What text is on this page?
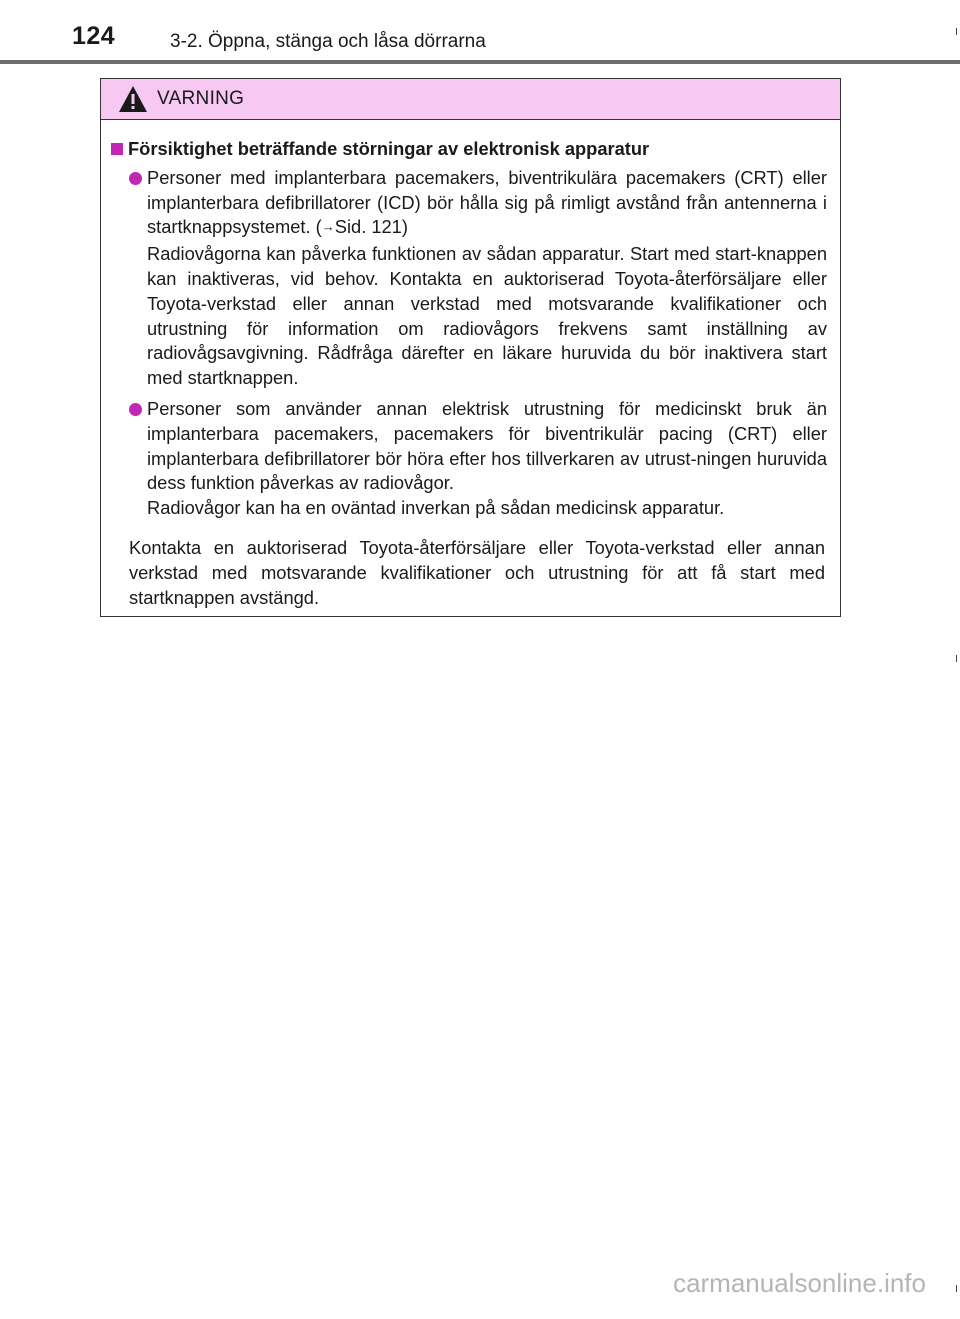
124	3-2. Öppna, stänga och låsa dörrarna
VARNING
Försiktighet beträffande störningar av elektronisk apparatur

Personer med implanterbara pacemakers, biventrikulära pacemakers (CRT) eller implanterbara defibrillatorer (ICD) bör hålla sig på rimligt avstånd från antennerna i startknappsystemet. (→Sid. 121)

Radiovågorna kan påverka funktionen av sådan apparatur. Start med start-knappen kan inaktiveras, vid behov. Kontakta en auktoriserad Toyota-återförsäljare eller Toyota-verkstad eller annan verkstad med motsvarande kvalifikationer och utrustning för information om radiovågors frekvens samt inställning av radiovågsavgivning. Rådfråga därefter en läkare huruvida du bör inaktivera start med startknappen.

Personer som använder annan elektrisk utrustning för medicinskt bruk än implanterbara pacemakers, pacemakers för biventrikulär pacing (CRT) eller implanterbara defibrillatorer bör höra efter hos tillverkaren av utrust-ningen huruvida dess funktion påverkas av radiovågor.

Radiovågor kan ha en oväntad inverkan på sådan medicinsk apparatur.

Kontakta en auktoriserad Toyota-återförsäljare eller Toyota-verkstad eller annan verkstad med motsvarande kvalifikationer och utrustning för att få start med startknappen avstängd.
carmanualsonline.info
